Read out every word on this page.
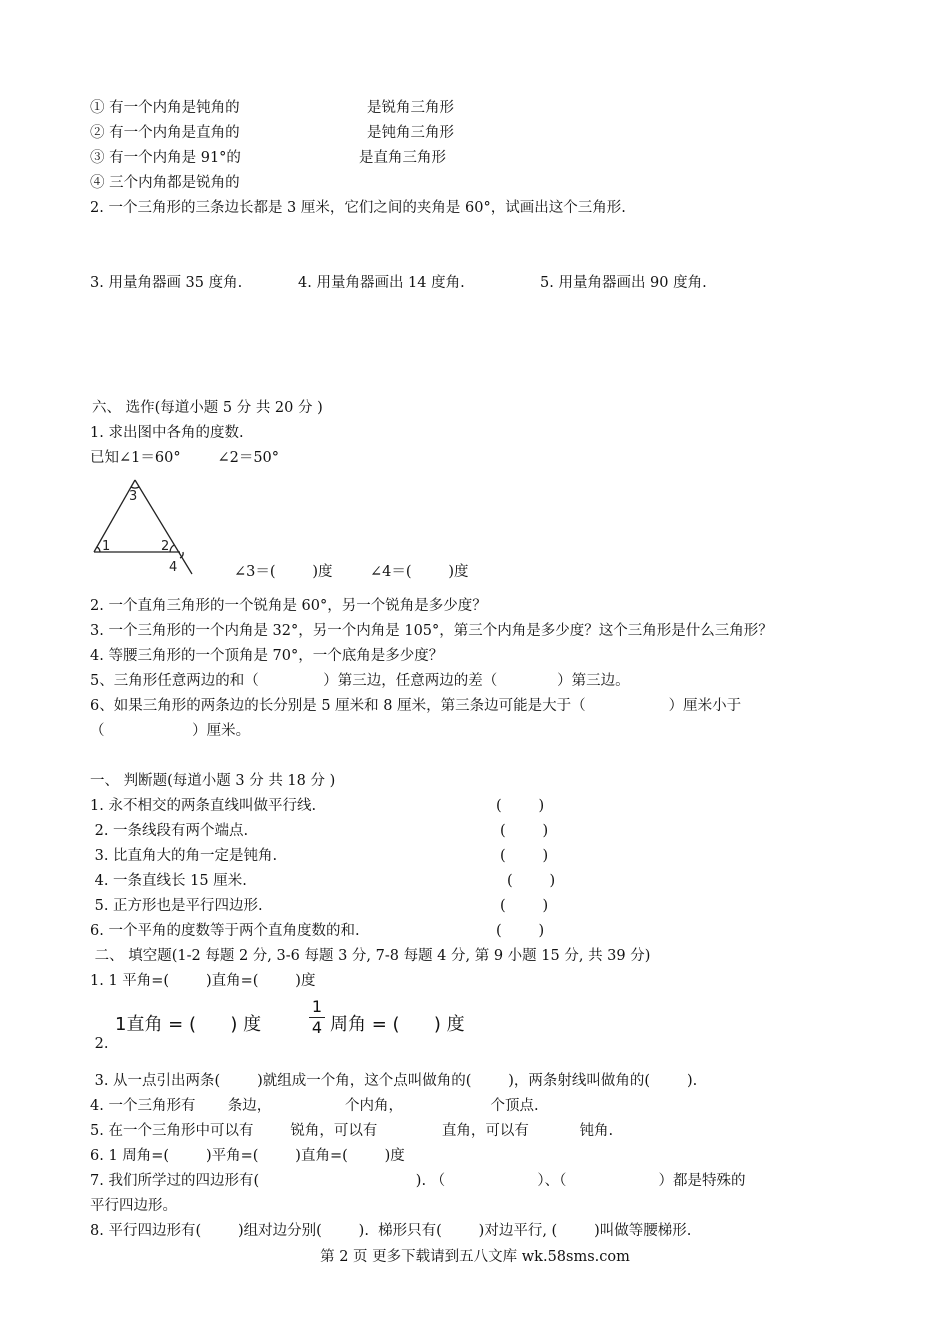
① 有一个内角是钝角的	是锐角三角形
② 有一个内角是直角的	是钝角三角形
③ 有一个内角是 91°的	是直角三角形
④ 三个内角都是锐角的
2. 一个三角形的三条边长都是 3 厘米，它们之间的夹角是 60°，试画出这个三角形.
3. 用量角器画 35 度角.	4. 用量角器画出 14 度角.	5. 用量角器画出 90 度角.
六、 选作(每道小题 5 分 共 20 分 )
1. 求出图中各角的度数.
已知∠1＝60°        ∠2＝50°
1	2
3
4	∠3＝(        )度	∠4＝(        )度
2. 一个直角三角形的一个锐角是 60°，另一个锐角是多少度？
3. 一个三角形的一个内角是 32°，另一个内角是 105°，第三个内角是多少度？这个三角形是什么三角形？
4. 等腰三角形的一个顶角是 70°，一个底角是多少度？
5、三角形任意两边的和（              ）第三边，任意两边的差（             ）第三边。
6、如果三角形的两条边的长分别是 5 厘米和 8 厘米，第三条边可能是大于（                  ）厘米小于
（                   ）厘米。
一、 判断题(每道小题 3 分 共 18 分 )
1. 永不相交的两条直线叫做平行线.	(        )
2. 一条线段有两个端点.	(        )
3. 比直角大的角一定是钝角.	(        )
4. 一条直线长 15 厘米.	(        )
5. 正方形也是平行四边形.	(        )
6. 一个平角的度数等于两个直角度数的和.	(        )
二、 填空题(1-2 每题 2 分, 3-6 每题 3 分, 7-8 每题 4 分, 第 9 小题 15 分, 共 39 分)
1. 1 平角=(        )直角=(        )度
1直角 = (      ) 度	$\frac{1}{4}$ 周角 = (      ) 度
2.
3. 从一点引出两条(        )就组成一个角，这个点叫做角的(        )，两条射线叫做角的(        ).
4. 一个三角形有       条边，                个内角，                   个顶点.
5. 在一个三角形中可以有        锐角，可以有              直角，可以有           钝角.
6. 1 周角=(        )平角=(        )直角=(        )度
7. 我们所学过的四边形有(                                  ). （                    ）、（                    ）都是特殊的
平行四边形。
8. 平行四边形有(        )组对边分别(        ).  梯形只有(        )对边平行, (        )叫做等腰梯形.
第 2 页 更多下载请到五八文库 wk.58sms.com
